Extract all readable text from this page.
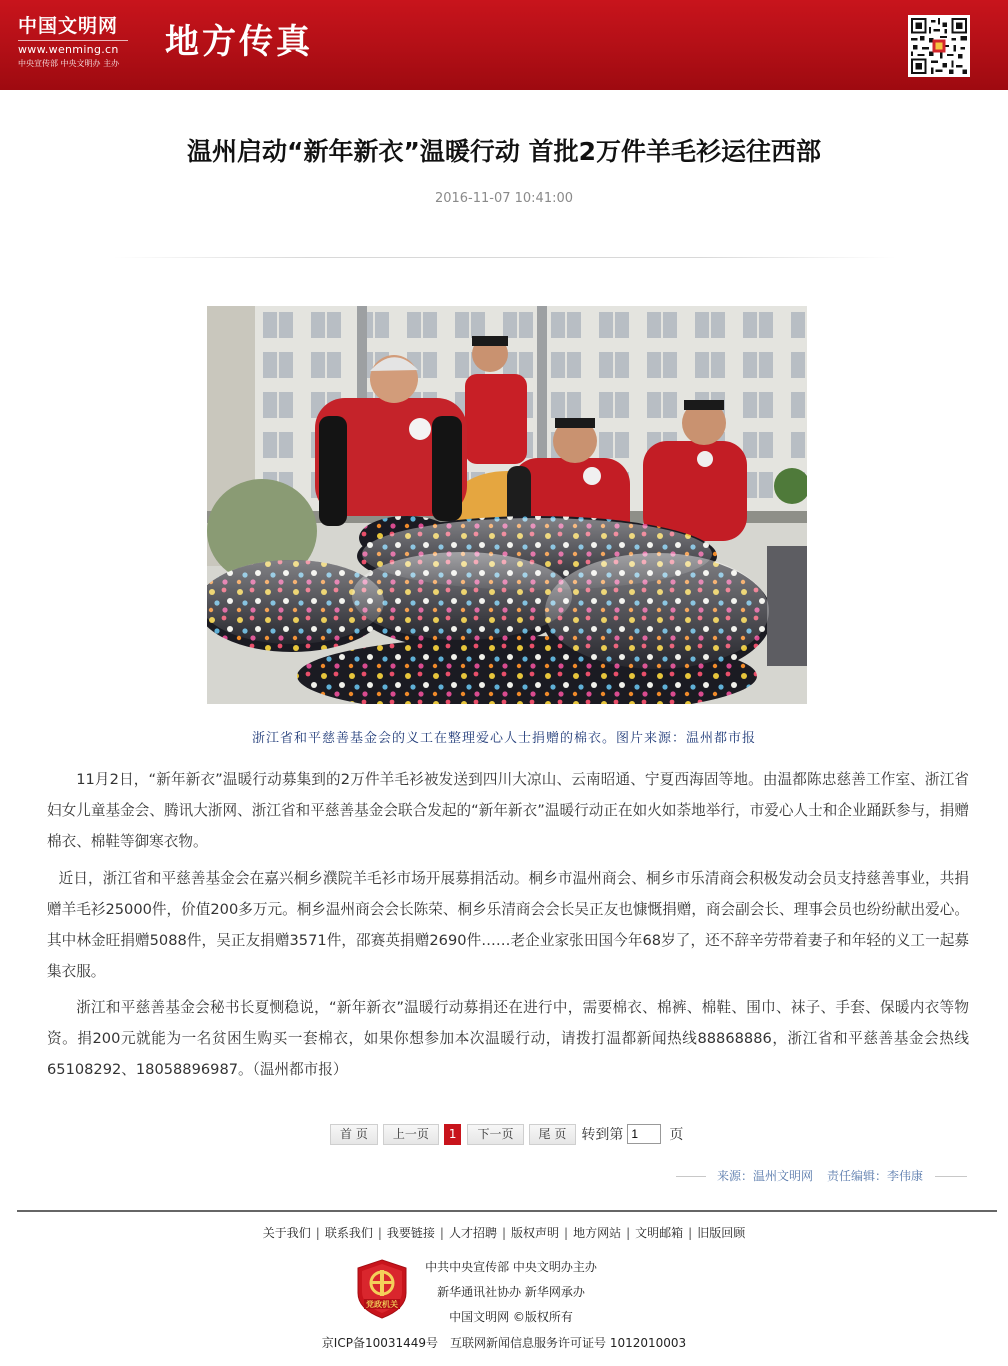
中国文明网
www.wenming.cn
中央宣传部 中央文明办 主办
地方传真
温州启动“新年新衣”温暖行动 首批2万件羊毛衫运往西部
2016-11-07 10:41:00
浙江省和平慈善基金会的义工在整理爱心人士捐赠的棉衣。图片来源：温州都市报

11月2日，“新年新衣”温暖行动募集到的2万件羊毛衫被发送到四川大凉山、云南昭通、宁夏西海固等地。由温都陈忠慈善工作室、浙江省妇女儿童基金会、腾讯大浙网、浙江省和平慈善基金会联合发起的“新年新衣”温暖行动正在如火如荼地举行，市爱心人士和企业踊跃参与，捐赠棉衣、棉鞋等御寒衣物。

近日，浙江省和平慈善基金会在嘉兴桐乡濮院羊毛衫市场开展募捐活动。桐乡市温州商会、桐乡市乐清商会积极发动会员支持慈善事业，共捐赠羊毛衫25000件，价值200多万元。桐乡温州商会会长陈荣、桐乡乐清商会会长吴正友也慷慨捐赠，商会副会长、理事会员也纷纷献出爱心。其中林金旺捐赠5088件，吴正友捐赠3571件，邵赛英捐赠2690件……老企业家张田国今年68岁了，还不辞辛劳带着妻子和年轻的义工一起募集衣服。

浙江和平慈善基金会秘书长夏恻稳说，“新年新衣”温暖行动募捐还在进行中，需要棉衣、棉裤、棉鞋、围巾、袜子、手套、保暖内衣等物资。捐200元就能为一名贫困生购买一套棉衣，如果你想参加本次温暖行动，请拨打温都新闻热线88868886，浙江省和平慈善基金会热线65108292、18058896987。（温州都市报）

首 页	上一页	1	下一页	尾 页	转到第
1	页
来源：温州文明网 责任编辑：李伟康
关于我们 | 联系我们 | 我要链接 | 人才招聘 | 版权声明 | 地方网站 | 文明邮箱 | 旧版回顾
党政机关
中共中央宣传部 中央文明办主办
新华通讯社协办 新华网承办
中国文明网 ©版权所有
京ICP备10031449号 互联网新闻信息服务许可证号 1012010003
